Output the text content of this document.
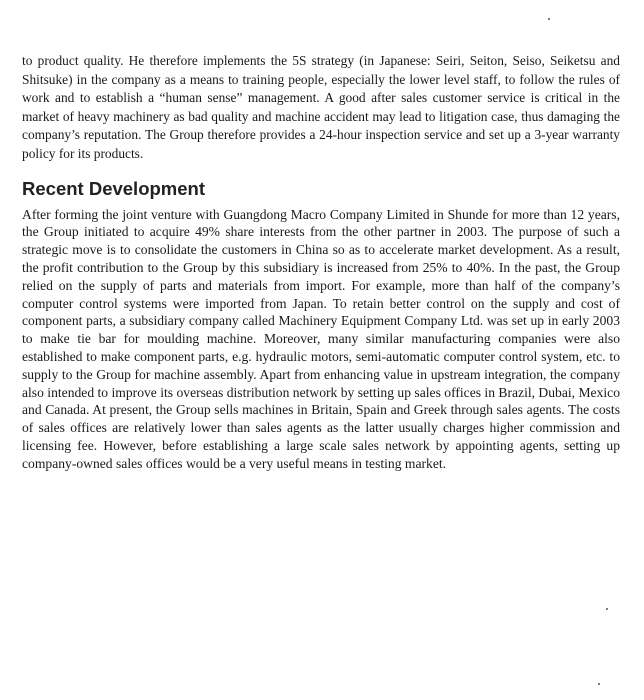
to product quality. He therefore implements the 5S strategy (in Japanese: Seiri, Seiton, Seiso, Seiketsu and Shitsuke) in the company as a means to training people, especially the lower level staff, to follow the rules of work and to establish a “human sense” management. A good after sales customer service is critical in the market of heavy machinery as bad quality and machine accident may lead to litigation case, thus damaging the company’s reputation. The Group therefore provides a 24-hour inspection service and set up a 3-year warranty policy for its products.

Recent Development

After forming the joint venture with Guangdong Macro Company Limited in Shunde for more than 12 years, the Group initiated to acquire 49% share interests from the other partner in 2003. The purpose of such a strategic move is to consolidate the customers in China so as to accelerate market development. As a result, the profit contribution to the Group by this subsidiary is increased from 25% to 40%. In the past, the Group relied on the supply of parts and materials from import. For example, more than half of the company’s computer control systems were imported from Japan. To retain better control on the supply and cost of component parts, a subsidiary company called Machinery Equipment Company Ltd. was set up in early 2003 to make tie bar for moulding machine. Moreover, many similar manufacturing companies were also established to make component parts, e.g. hydraulic motors, semi-automatic computer control system, etc. to supply to the Group for machine assembly. Apart from enhancing value in upstream integration, the company also intended to improve its overseas distribution network by setting up sales offices in Brazil, Dubai, Mexico and Canada. At present, the Group sells machines in Britain, Spain and Greek through sales agents. The costs of sales offices are relatively lower than sales agents as the latter usually charges higher commission and licensing fee. However, before establishing a large scale sales network by appointing agents, setting up company-owned sales offices would be a very useful means in testing market.
